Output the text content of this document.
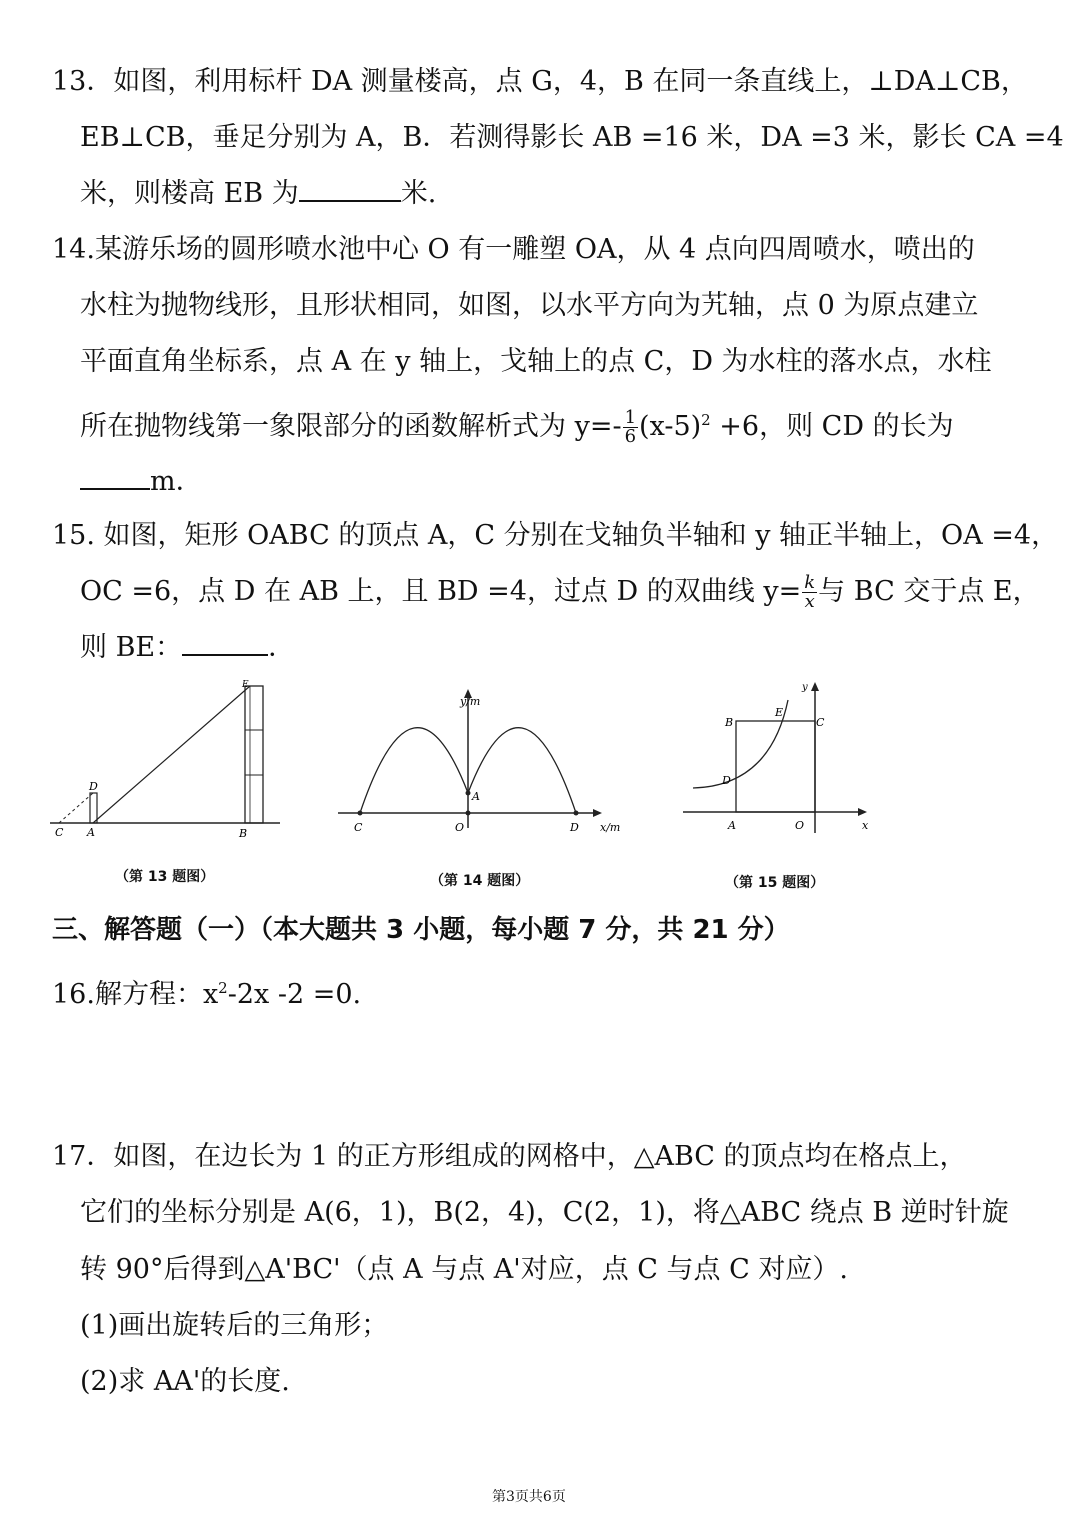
13．如图，利用标杆 DA 测量楼高，点 G，4，B 在同一条直线上，⊥DA⊥CB，
EB⊥CB，垂足分别为 A，B．若测得影长 AB =16 米，DA =3 米，影长 CA =4
米，则楼高 EB 为	米.
14.某游乐场的圆形喷水池中心 O 有一雕塑 OA，从 4 点向四周喷水，喷出的
水柱为抛物线形，且形状相同，如图，以水平方向为艽轴，点 0 为原点建立
平面直角坐标系，点 A 在 y 轴上，戈轴上的点 C，D 为水柱的落水点，水柱
所在抛物线第一象限部分的函数解析式为 $y=- \frac{1}{6} (x-5)^2 +6$，则 CD 的长为
m．
15. 如图，矩形 OABC 的顶点 A，C 分别在戈轴负半轴和 y 轴正半轴上，OA =4，
OC =6，点 D 在 AB 上，且 BD =4，过点 D 的双曲线 $y= \frac{k}{x}$ 与 BC 交于点 E，
则 BE：	．
C A
D
B
E
（第 13 题图）
y/m
x/m
A
C	O	D
（第 14 题图）
B
E
C
D
A	O
y
x
（第 15 题图）
三、解答题（一）（本大题共 3 小题，每小题 7 分，共 21 分）
16.解方程：$x^2-2x$ -2 =0.
17．如图，在边长为 1 的正方形组成的网格中，△ABC 的顶点均在格点上，
它们的坐标分别是 A(6，1)，B(2，4)，C(2，1)，将△ABC 绕点 B 逆时针旋
转 90°后得到△A'BC'（点 A 与点 A'对应，点 C 与点 C 对应）.
(1)画出旋转后的三角形；
(2)求 AA'的长度.
第3页共6页
